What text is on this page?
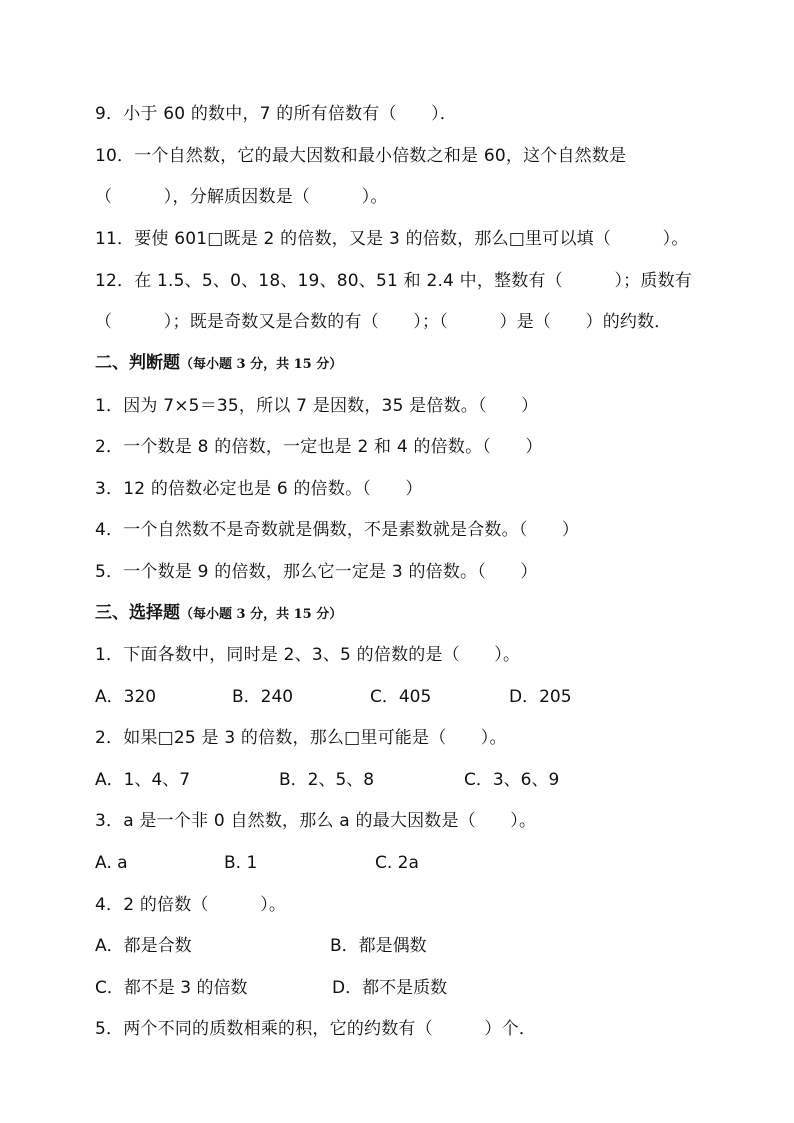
9．小于 60 的数中，7 的所有倍数有（　　）．
10．一个自然数，它的最大因数和最小倍数之和是 60，这个自然数是
（　　　），分解质因数是（　　　）。
11．要使 601□既是 2 的倍数，又是 3 的倍数，那么□里可以填（　　　）。
12．在 1.5、5、0、18、19、80、51 和 2.4 中，整数有（　　　）；质数有
（　　　）；既是奇数又是合数的有（　　）；（　　　）是（　　）的约数．
二、判断题（每小题 3 分，共 15 分）
1．因为 7×5＝35，所以 7 是因数，35 是倍数。（　　）
2．一个数是 8 的倍数，一定也是 2 和 4 的倍数。（　　）
3．12 的倍数必定也是 6 的倍数。（　　）
4．一个自然数不是奇数就是偶数，不是素数就是合数。（　　）
5．一个数是 9 的倍数，那么它一定是 3 的倍数。（　　）
三、选择题（每小题 3 分，共 15 分）
1．下面各数中，同时是 2、3、5 的倍数的是（　　）。
A．320	B．240	C．405	D．205
2．如果□25 是 3 的倍数，那么□里可能是（　　）。
A．1、4、7	B．2、5、8	C．3、6、9
3．a 是一个非 0 自然数，那么 a 的最大因数是（　　）。
A. a	B. 1	C. 2a
4．2 的倍数（　　　）。
A．都是合数	B．都是偶数
C．都不是 3 的倍数	D．都不是质数
5．两个不同的质数相乘的积，它的约数有（　　　）个．
